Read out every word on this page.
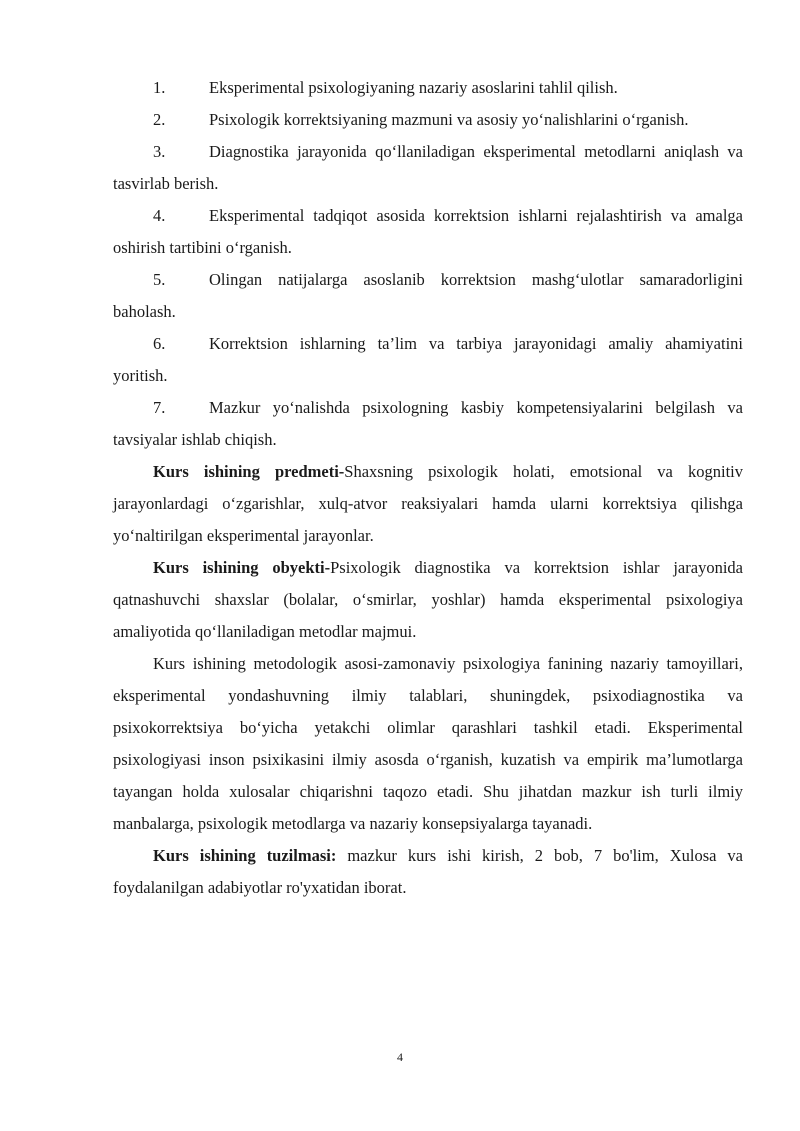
1.	Eksperimental psixologiyaning nazariy asoslarini tahlil qilish.

2.	Psixologik korrektsiyaning mazmuni va asosiy yo‘nalishlarini o‘rganish.

3.	Diagnostika jarayonida qo‘llaniladigan eksperimental metodlarni aniqlash va tasvirlab berish.

4.	Eksperimental tadqiqot asosida korrektsion ishlarni rejalashtirish va amalga oshirish tartibini o‘rganish.

5.	Olingan natijalarga asoslanib korrektsion mashg‘ulotlar samaradorligini baholash.

6.	Korrektsion ishlarning ta’lim va tarbiya jarayonidagi amaliy ahamiyatini yoritish.

7.	Mazkur yo‘nalishda psixologning kasbiy kompetensiyalarini belgilash va tavsiyalar ishlab chiqish.

Kurs ishining predmeti-Shaxsning psixologik holati, emotsional va kognitiv jarayonlardagi o‘zgarishlar, xulq-atvor reaksiyalari hamda ularni korrektsiya qilishga yo‘naltirilgan eksperimental jarayonlar.

Kurs ishining obyekti-Psixologik diagnostika va korrektsion ishlar jarayonida qatnashuvchi shaxslar (bolalar, o‘smirlar, yoshlar) hamda eksperimental psixologiya amaliyotida qo‘llaniladigan metodlar majmui.

Kurs ishining metodologik asosi-zamonaviy psixologiya fanining nazariy tamoyillari, eksperimental yondashuvning ilmiy talablari, shuningdek, psixodiagnostika va psixokorrektsiya bo‘yicha yetakchi olimlar qarashlari tashkil etadi. Eksperimental psixologiyasi inson psixikasini ilmiy asosda o‘rganish, kuzatish va empirik ma’lumotlarga tayangan holda xulosalar chiqarishni taqozo etadi. Shu jihatdan mazkur ish turli ilmiy manbalarga, psixologik metodlarga va nazariy konsepsiyalarga tayanadi.

Kurs ishining tuzilmasi: mazkur kurs ishi kirish, 2 bob, 7 bo'lim, Xulosa va foydalanilgan adabiyotlar ro'yxatidan iborat.

4
